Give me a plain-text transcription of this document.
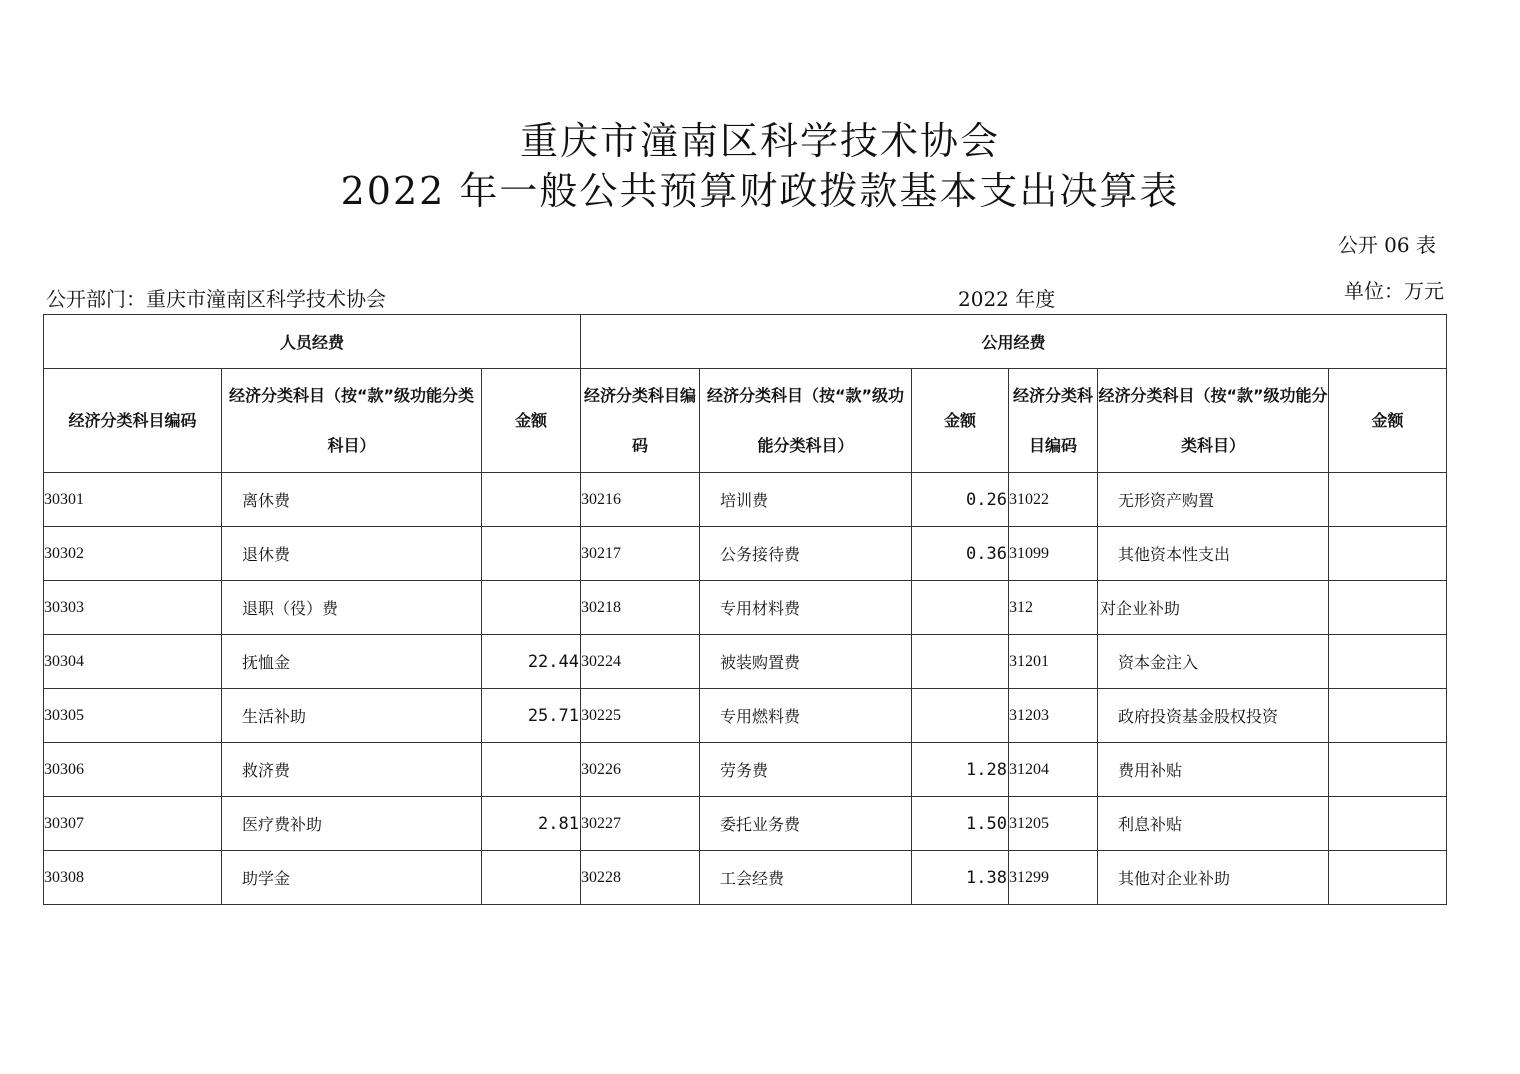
重庆市潼南区科学技术协会
2022 年一般公共预算财政拨款基本支出决算表
公开 06 表
单位：万元
公开部门：重庆市潼南区科学技术协会	2022 年度
人员经费			公用经费					
经济分类科目编码	经济分类科目（按“款”级功能分类科目）	金额	经济分类科目编码	经济分类科目（按“款”级功能分类科目）	金额	经济分类科目编码	经济分类科目（按“款”级功能分类科目）	金额
30301	离休费		30216	培训费	0.26	31022	无形资产购置	
30302	退休费		30217	公务接待费	0.36	31099	其他资本性支出	
30303	退职（役）费		30218	专用材料费		312	对企业补助	
30304	抚恤金	22.44	30224	被装购置费		31201	资本金注入	
30305	生活补助	25.71	30225	专用燃料费		31203	政府投资基金股权投资	
30306	救济费		30226	劳务费	1.28	31204	费用补贴	
30307	医疗费补助	2.81	30227	委托业务费	1.50	31205	利息补贴	
30308	助学金		30228	工会经费	1.38	31299	其他对企业补助	
